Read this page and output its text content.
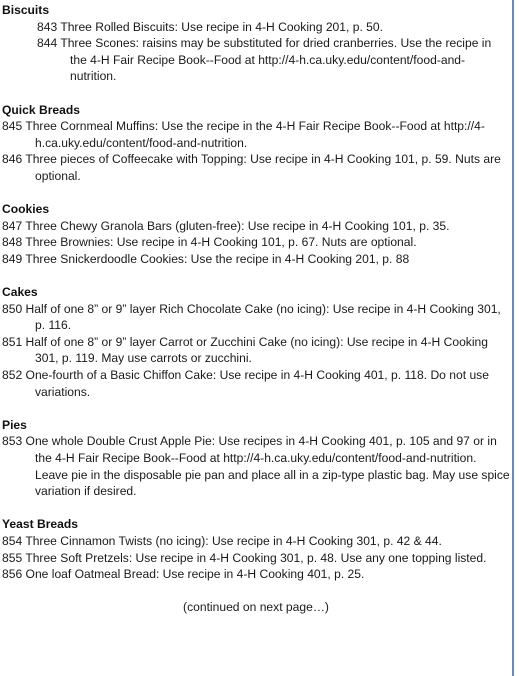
Biscuits
843 Three Rolled Biscuits: Use recipe in 4-H Cooking 201, p. 50.
844 Three Scones: raisins may be substituted for dried cranberries. Use the recipe in the 4-H Fair Recipe Book--Food at http://4-h.ca.uky.edu/content/food-and-nutrition.
Quick Breads
845 Three Cornmeal Muffins: Use the recipe in the 4-H Fair Recipe Book--Food at http://4-h.ca.uky.edu/content/food-and-nutrition.
846 Three pieces of Coffeecake with Topping: Use recipe in 4-H Cooking 101, p. 59. Nuts are optional.
Cookies
847 Three Chewy Granola Bars (gluten-free): Use recipe in 4-H Cooking 101, p. 35.
848 Three Brownies: Use recipe in 4-H Cooking 101, p. 67. Nuts are optional.
849 Three Snickerdoodle Cookies: Use the recipe in 4-H Cooking 201, p. 88
Cakes
850 Half of one 8” or 9” layer Rich Chocolate Cake (no icing): Use recipe in 4-H Cooking 301, p. 116.
851 Half of one 8” or 9” layer Carrot or Zucchini Cake (no icing): Use recipe in 4-H Cooking 301, p. 119. May use carrots or zucchini.
852 One-fourth of a Basic Chiffon Cake: Use recipe in 4-H Cooking 401, p. 118. Do not use variations.
Pies
853 One whole Double Crust Apple Pie: Use recipes in 4-H Cooking 401, p. 105 and 97 or in the 4-H Fair Recipe Book--Food at http://4-h.ca.uky.edu/content/food-and-nutrition. Leave pie in the disposable pie pan and place all in a zip-type plastic bag. May use spice variation if desired.
Yeast Breads
854 Three Cinnamon Twists (no icing): Use recipe in 4-H Cooking 301, p. 42 & 44.
855 Three Soft Pretzels: Use recipe in 4-H Cooking 301, p. 48. Use any one topping listed.
856 One loaf Oatmeal Bread: Use recipe in 4-H Cooking 401, p. 25.
(continued on next page…)
